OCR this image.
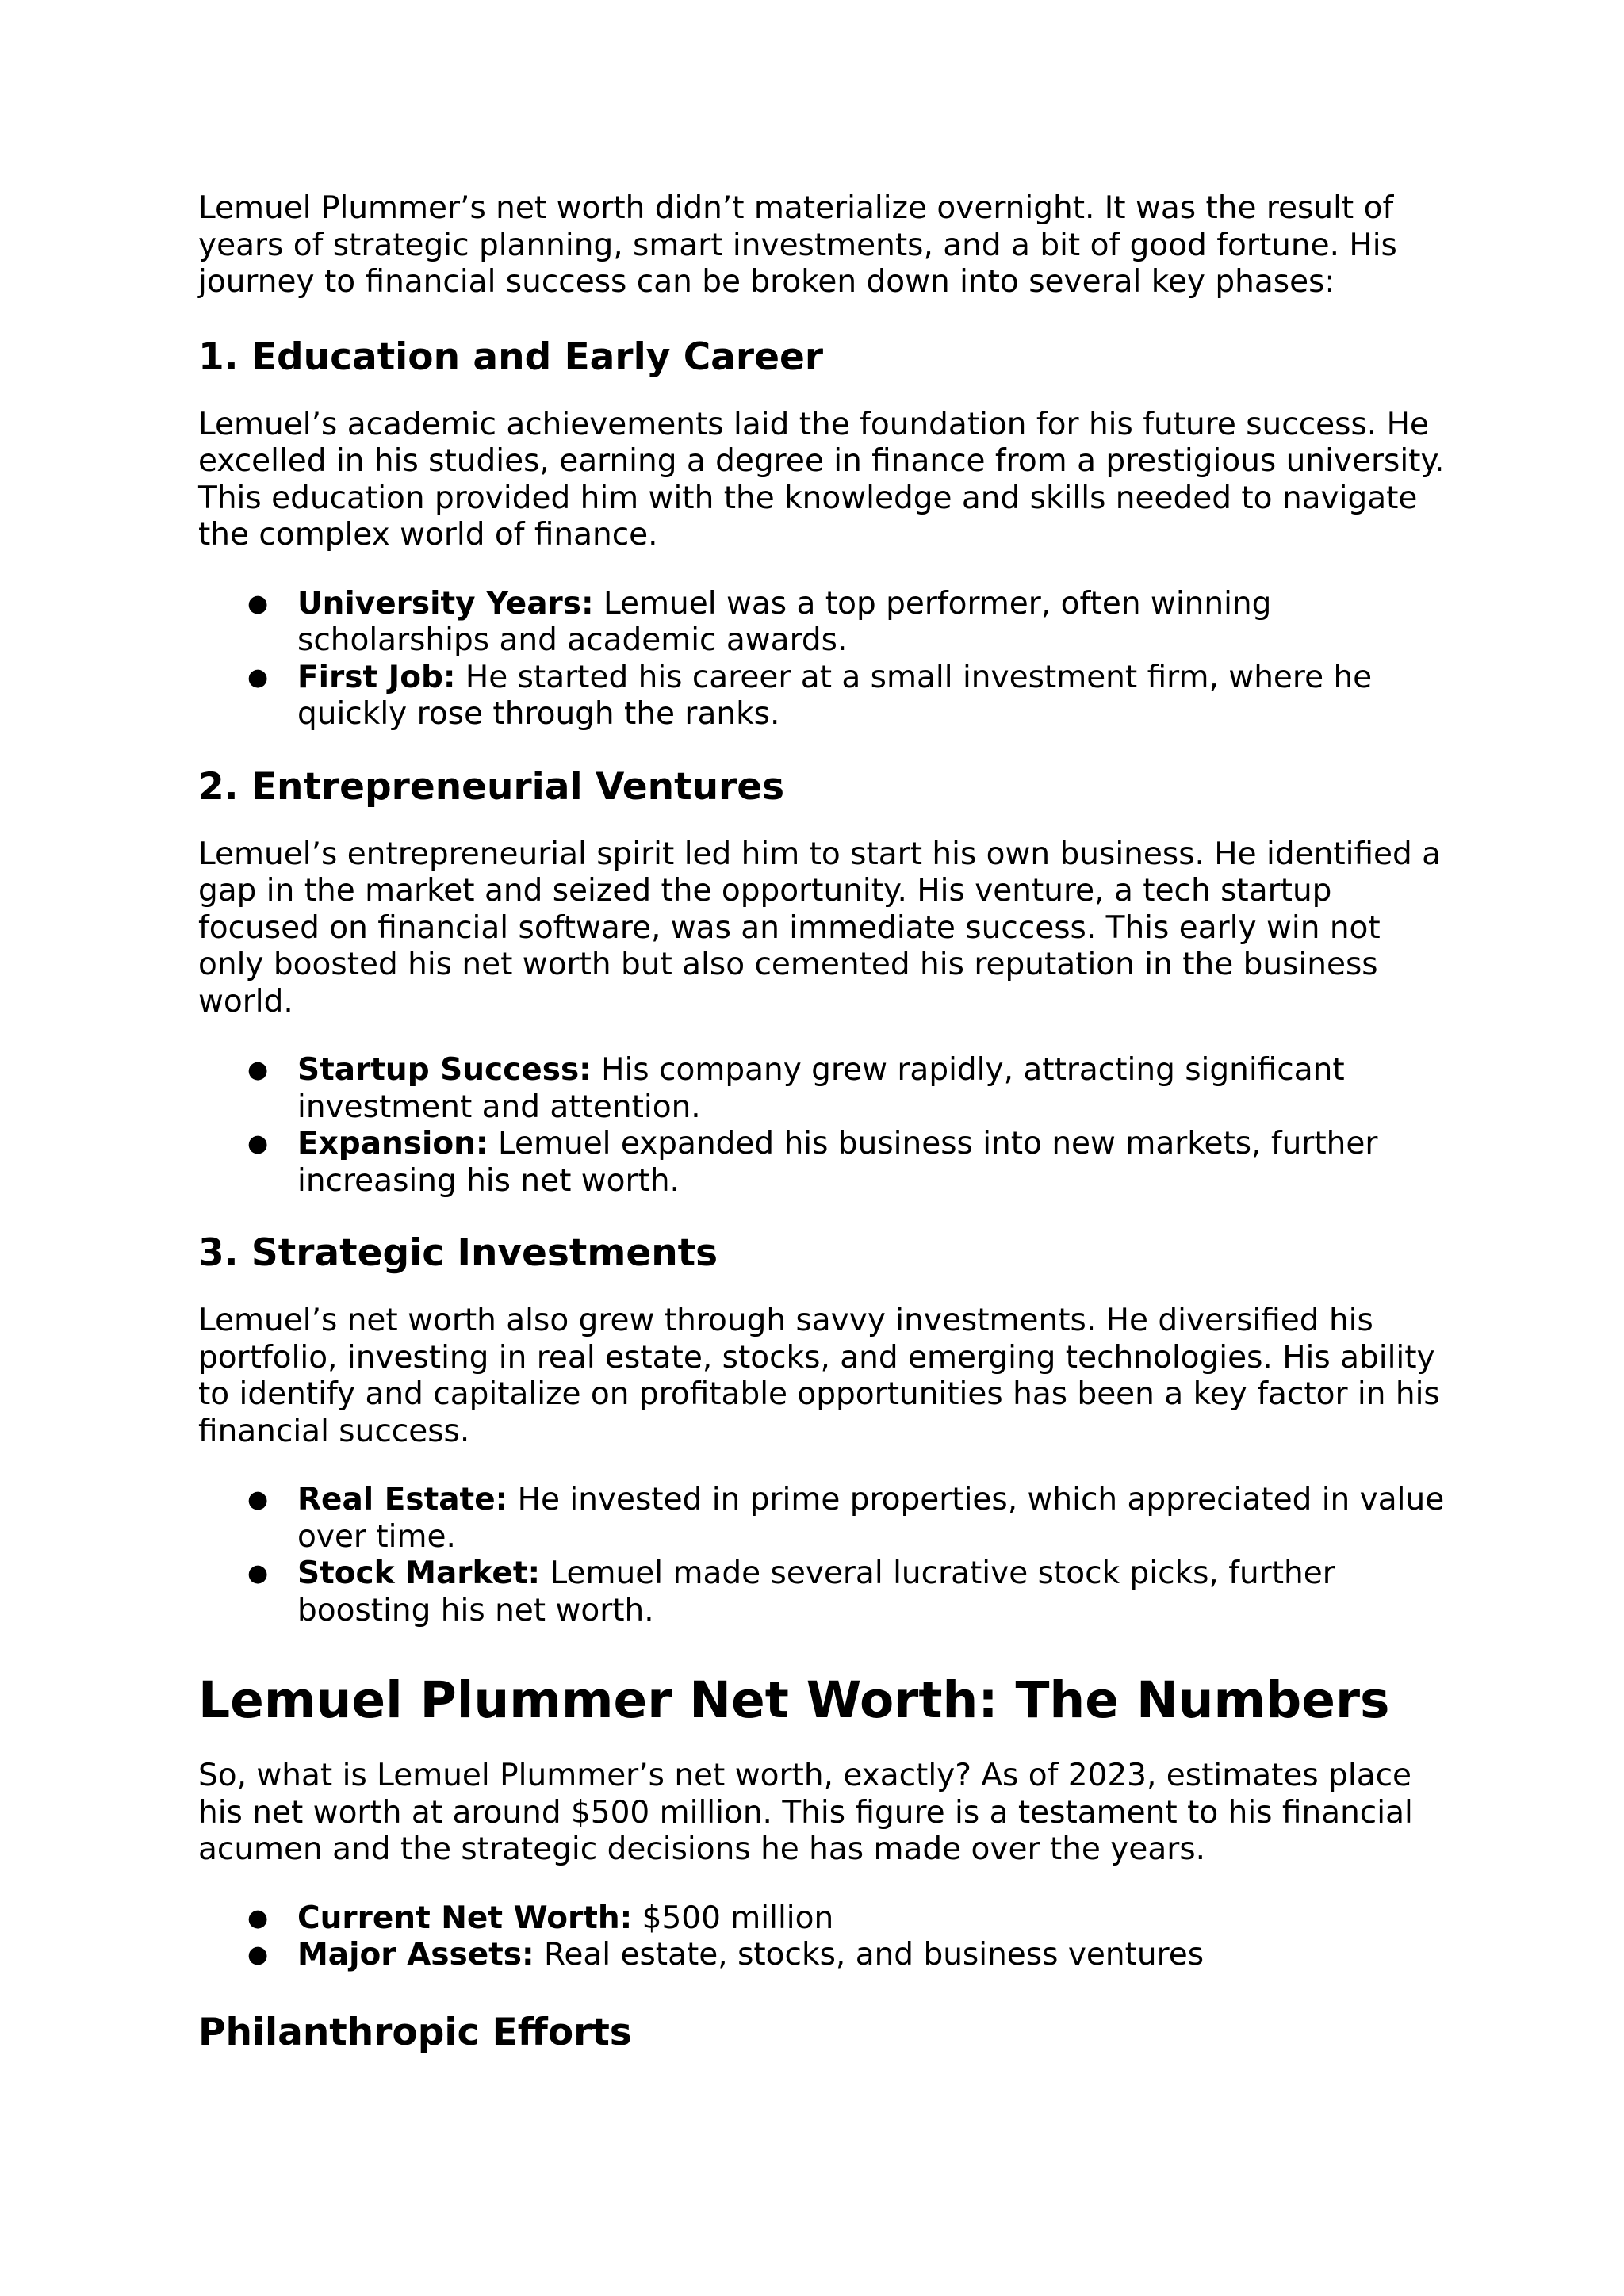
Lemuel Plummer’s net worth didn’t materialize overnight. It was the result of years of strategic planning, smart investments, and a bit of good fortune. His journey to financial success can be broken down into several key phases:

1. Education and Early Career

Lemuel’s academic achievements laid the foundation for his future success. He excelled in his studies, earning a degree in finance from a prestigious university. This education provided him with the knowledge and skills needed to navigate the complex world of finance.

● University Years: Lemuel was a top performer, often winning scholarships and academic awards.
● First Job: He started his career at a small investment firm, where he quickly rose through the ranks.
2. Entrepreneurial Ventures

Lemuel’s entrepreneurial spirit led him to start his own business. He identified a gap in the market and seized the opportunity. His venture, a tech startup focused on financial software, was an immediate success. This early win not only boosted his net worth but also cemented his reputation in the business world.

● Startup Success: His company grew rapidly, attracting significant investment and attention.
● Expansion: Lemuel expanded his business into new markets, further increasing his net worth.
3. Strategic Investments

Lemuel’s net worth also grew through savvy investments. He diversified his portfolio, investing in real estate, stocks, and emerging technologies. His ability to identify and capitalize on profitable opportunities has been a key factor in his financial success.

● Real Estate: He invested in prime properties, which appreciated in value over time.
● Stock Market: Lemuel made several lucrative stock picks, further boosting his net worth.
Lemuel Plummer Net Worth: The Numbers

So, what is Lemuel Plummer’s net worth, exactly? As of 2023, estimates place his net worth at around $500 million. This figure is a testament to his financial acumen and the strategic decisions he has made over the years.

● Current Net Worth: $500 million
● Major Assets: Real estate, stocks, and business ventures
Philanthropic Efforts
